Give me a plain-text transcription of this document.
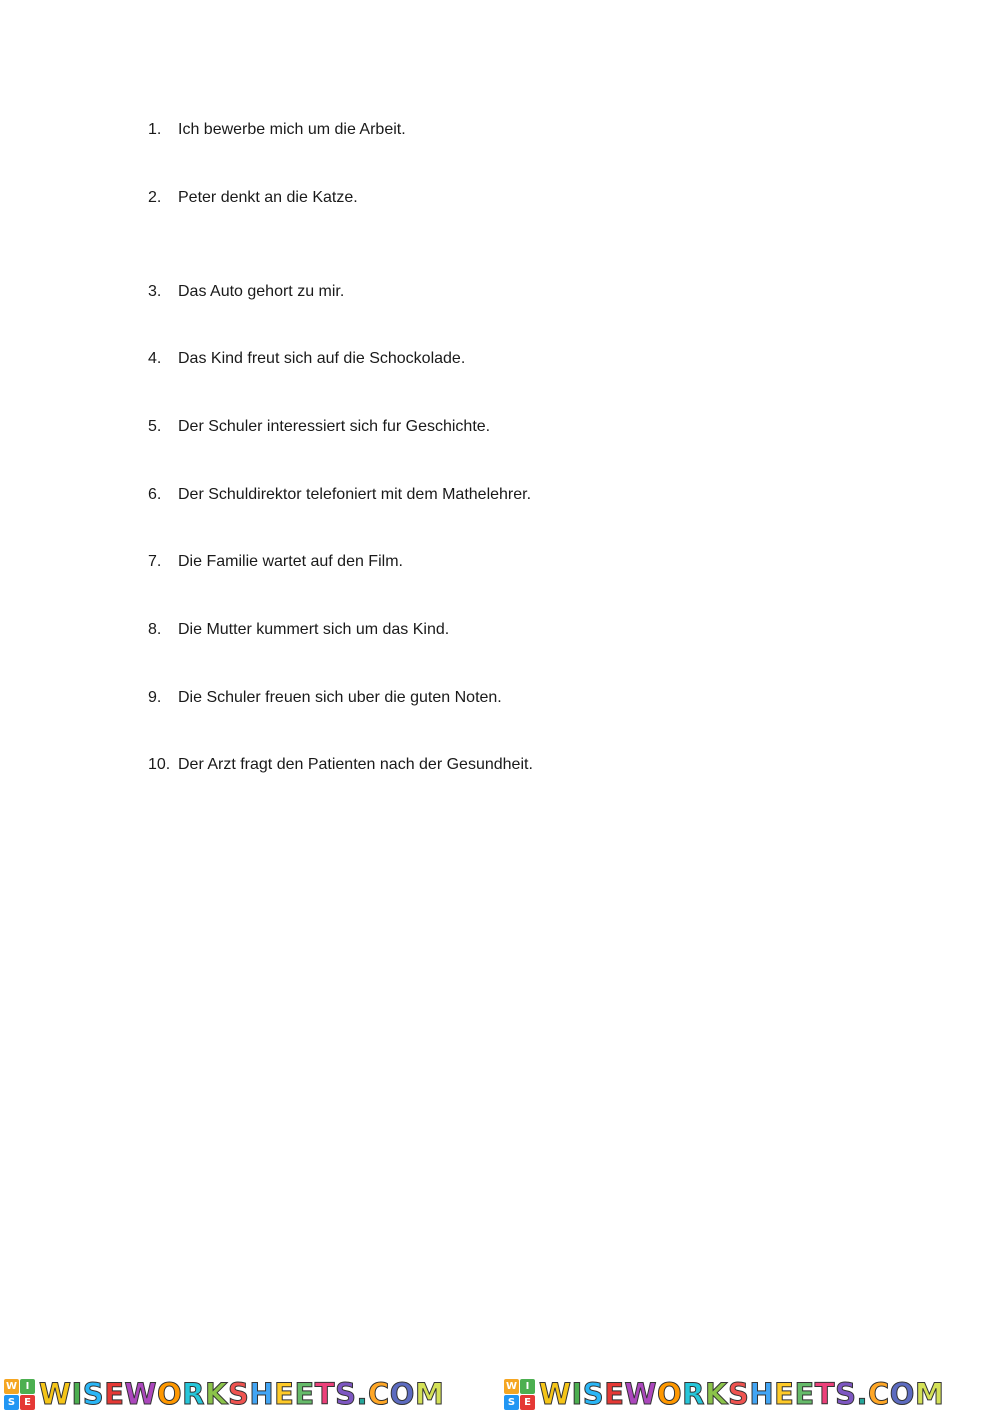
1. Ich bewerbe mich um die Arbeit.
2. Peter denkt an die Katze.
3. Das Auto gehort zu mir.
4. Das Kind freut sich auf die Schockolade.
5. Der Schuler interessiert sich fur Geschichte.
6. Der Schuldirektor telefoniert mit dem Mathelehrer.
7. Die Familie wartet auf den Film.
8. Die Mutter kummert sich um das Kind.
9. Die Schuler freuen sich uber die guten Noten.
10. Der Arzt fragt den Patienten nach der Gesundheit.
W I
S E WISEWORKSHEETS.COM	W I
S E WISEWORKSHEETS.COM
